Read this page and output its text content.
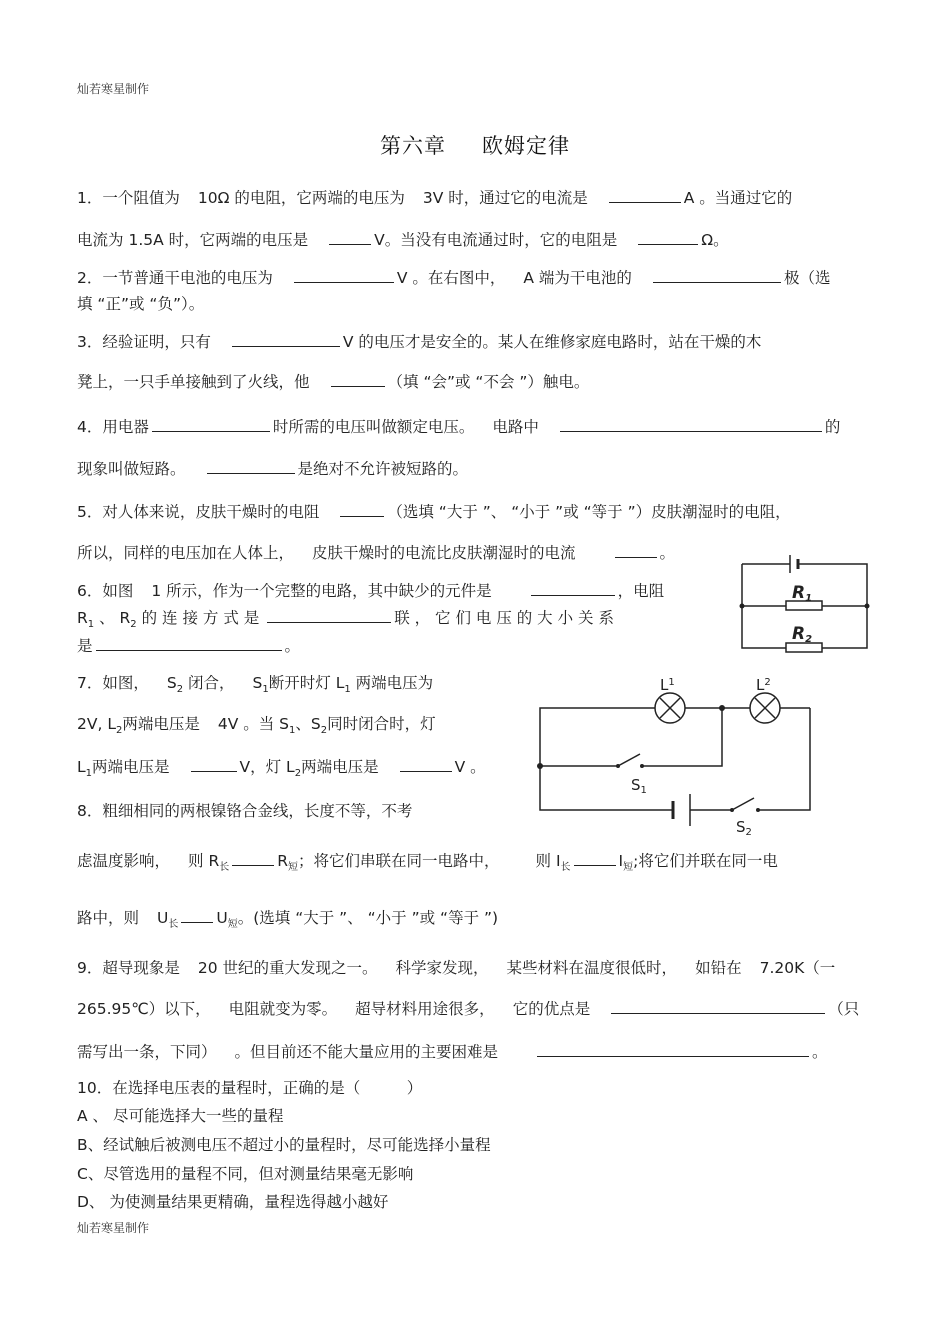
灿若寒星制作
第六章 欧姆定律
1．一个阻值为 10Ω 的电阻，它两端的电压为 3V 时，通过它的电流是	A 。当通过它的
电流为 1.5A 时，它两端的电压是	V。当没有电流通过时，它的电阻是	Ω。
2．一节普通干电池的电压为	V 。在右图中， A 端为干电池的	极（选
填 “正”或 “负”）。
3．经验证明，只有	V 的电压才是安全的。某人在维修家庭电路时，站在干燥的木
凳上，一只手单接触到了火线，他	（填 “会”或 “不会 ”）触电。
4．用电器	时所需的电压叫做额定电压。 电路中	的
现象叫做短路。	是绝对不允许被短路的。
5．对人体来说，皮肤干燥时的电阻	（选填 “大于 ”、 “小于 ”或 “等于 ”）皮肤潮湿时的电阻，
所以，同样的电压加在人体上， 皮肤干燥时的电流比皮肤潮湿时的电流	。
6．如图 1 所示，作为一个完整的电路，其中缺少的元件是	，电阻
$R_1$ 、 $R_2$ 的 连 接 方 式 是	联 ， 它 们 电 压 的 大 小 关 系
是	。
7．如图， $S_2$ 闭合， $S_1$断开时灯 $L_1$ 两端电压为
2V, $L_2$两端电压是 4V 。当 $S_1$、$S_2$同时闭合时，灯
$L_1$两端电压是	V，灯 $L_2$两端电压是	V 。
8．粗细相同的两根镍铬合金线，长度不等，不考
虑温度影响， 则 $R_长$	$R_短$；将它们串联在同一电路中， 则 $I_长$	$I_短$;将它们并联在同一电
路中，则 $U_长$ $U_短$。(选填 “大于 ”、 “小于 ”或 “等于 ”)
9．超导现象是 20 世纪的重大发现之一。 科学家发现， 某些材料在温度很低时， 如铅在 7.20K（一
265.95℃）以下， 电阻就变为零。 超导材料用途很多， 它的优点是	（只
需写出一条，下同） 。但目前还不能大量应用的主要困难是	。
10．在选择电压表的量程时，正确的是（　　　）
A 、 尽可能选择大一些的量程
B、经试触后被测电压不超过小的量程时，尽可能选择小量程
C、尽管选用的量程不同，但对测量结果毫无影响
D、 为使测量结果更精确，量程选得越小越好
灿若寒星制作
R1
R2
$L^1$	$L^2$
$S_1$
$S_2$
